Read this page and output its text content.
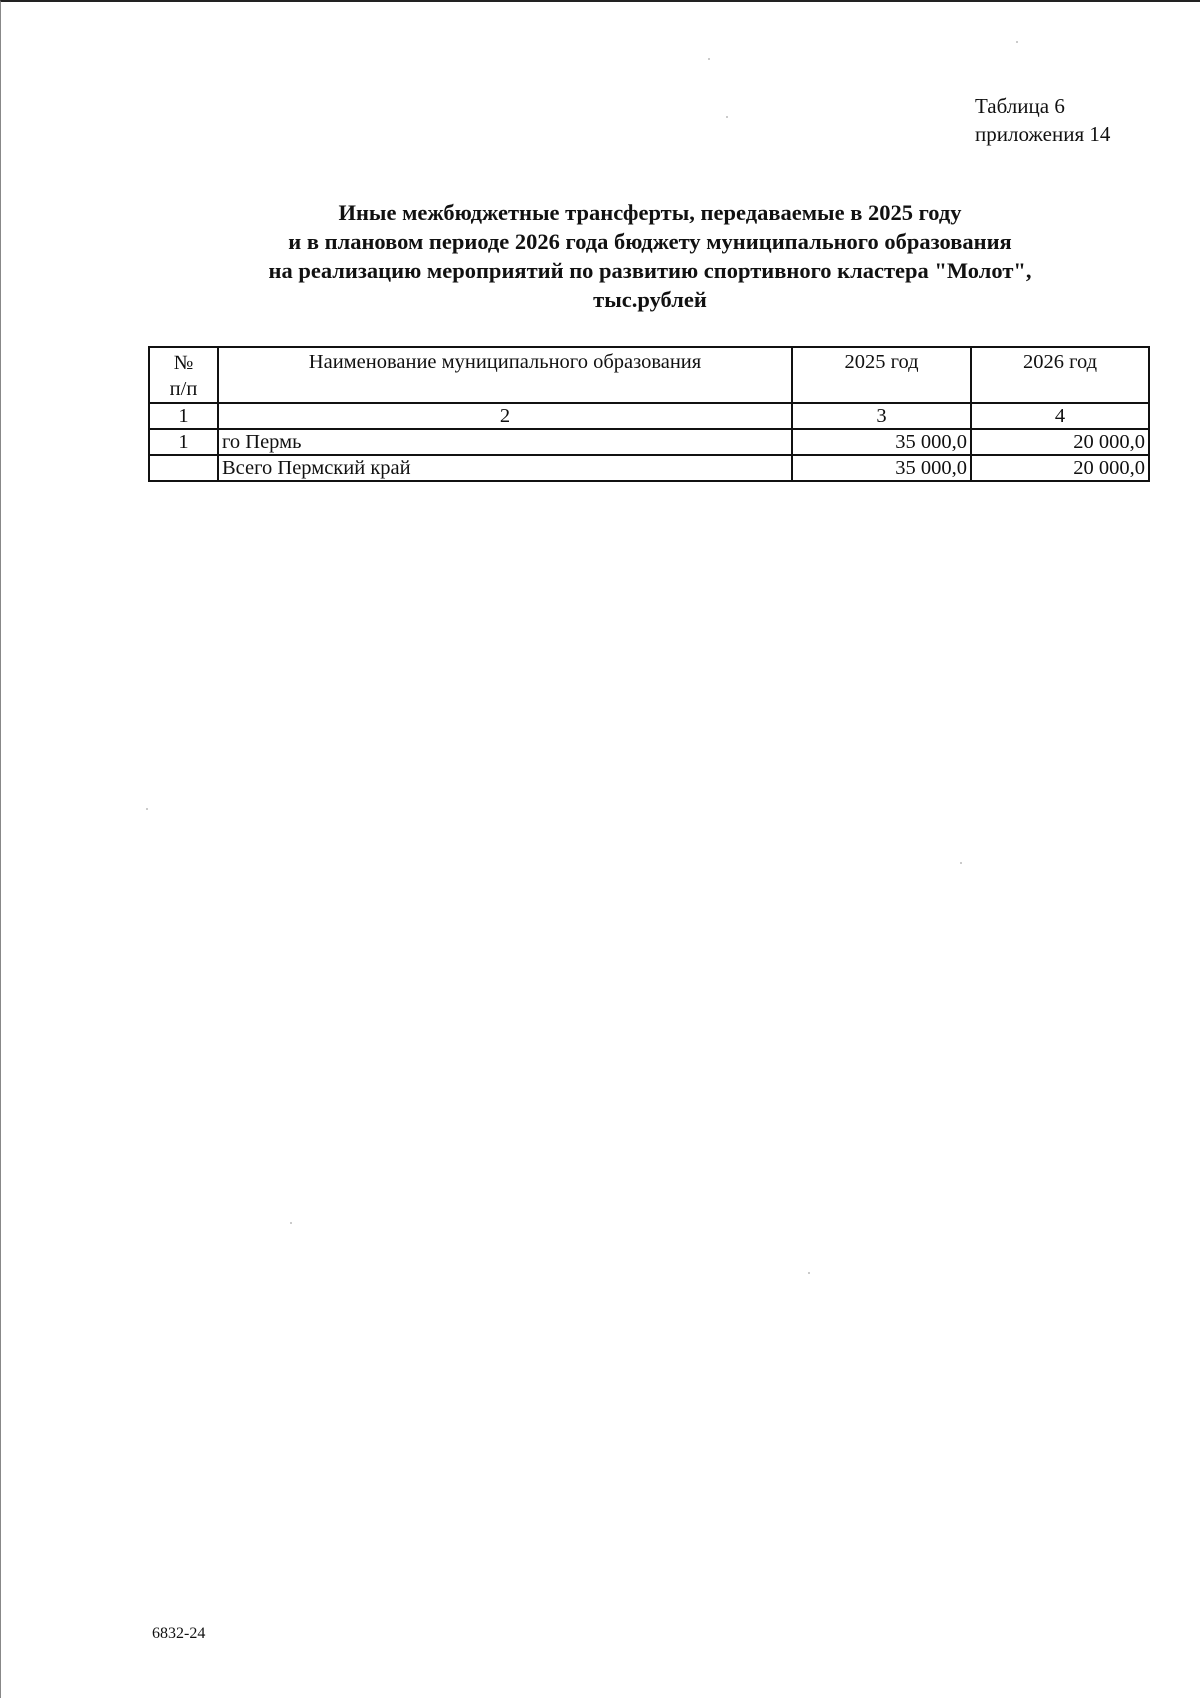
Таблица 6
приложения 14
Иные межбюджетные трансферты, передаваемые в 2025 году
и в плановом периоде 2026 года бюджету муниципального образования
на реализацию мероприятий по развитию спортивного кластера "Молот",
тыс.рублей
№
п/п	Наименование муниципального образования	2025 год	2026 год
1	2	3	4
1	го Пермь	35 000,0	20 000,0
	Всего Пермский край	35 000,0	20 000,0
6832-24
